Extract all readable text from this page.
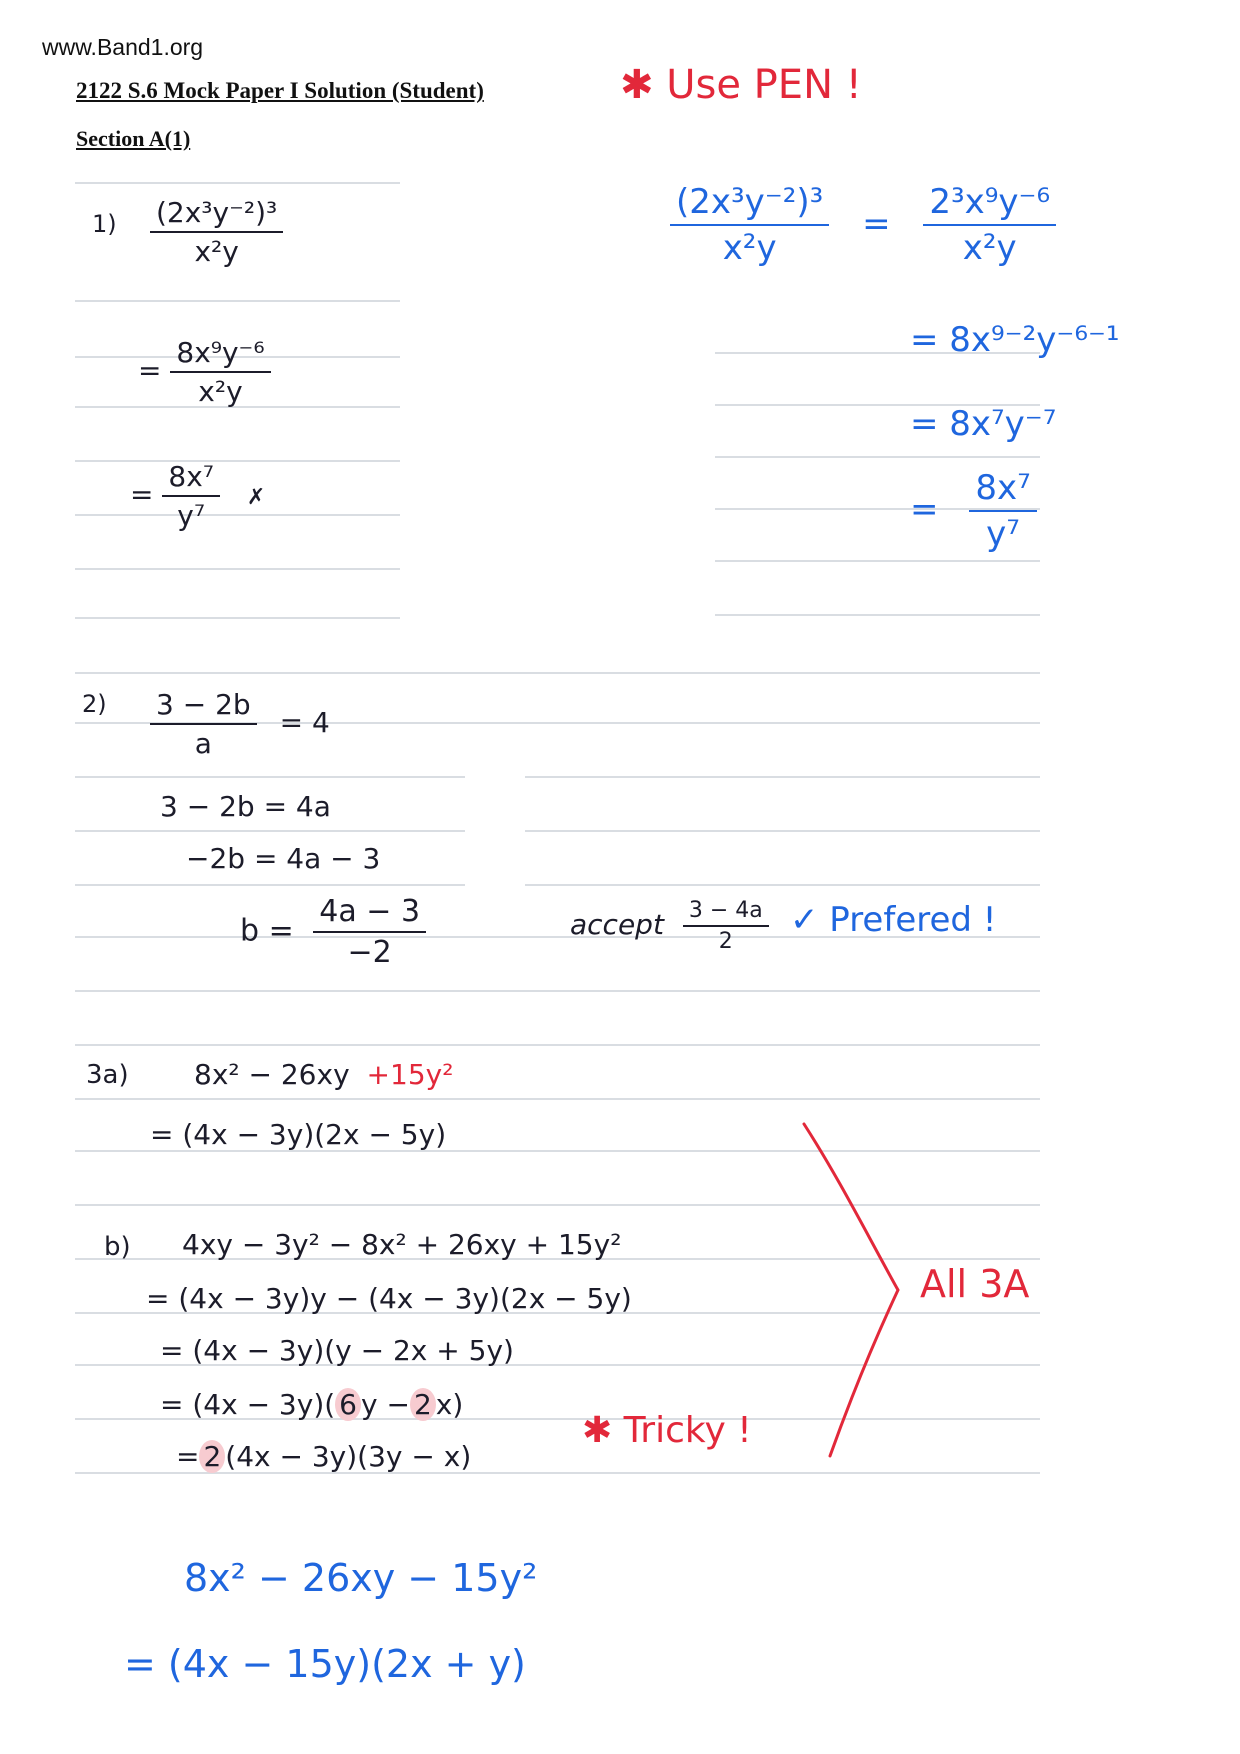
www.Band1.org
2122 S.6 Mock Paper I Solution (Student)
Section A(1)
✱ Use PEN !
$1) \frac{\text{(2x³y⁻²)³}}{\text{x²y}}$
= $\frac{\text{8x⁹y⁻⁶}}{\text{x²y}}$
= $\frac{\text{8x⁷}}{\text{y⁷}}$ ✗
$\frac{\text{(2x³y⁻²)³}}{\text{x²y}} = \frac{\text{2³x⁹y⁻⁶}}{\text{x²y}}$
= 8x⁹⁻²y⁻⁶⁻¹
= 8x⁷y⁻⁷
= $\frac{\text{8x⁷}}{\text{y⁷}}$
$2) \frac{3 - 2b}{a} = 4$
3 − 2b = 4a
−2b = 4a − 3
$b = \frac{4a - 3}{-2}$	accept $\frac{3 - 4a}{2}$ ✓ Prefered !
3a) 8x² − 26xy +15y²
= (4x − 3y)(2x − 5y)
b) 4xy − 3y² − 8x² + 26xy + 15y²
= (4x − 3y)y − (4x − 3y)(2x − 5y)
= (4x − 3y)(y − 2x + 5y)
= (4x − 3y)( 6 y − 2 x)
= 2 (4x − 3y)(3y − x)
✱ Tricky !
All 3A
8x² − 26xy − 15y²
= (4x − 15y)(2x + y)
